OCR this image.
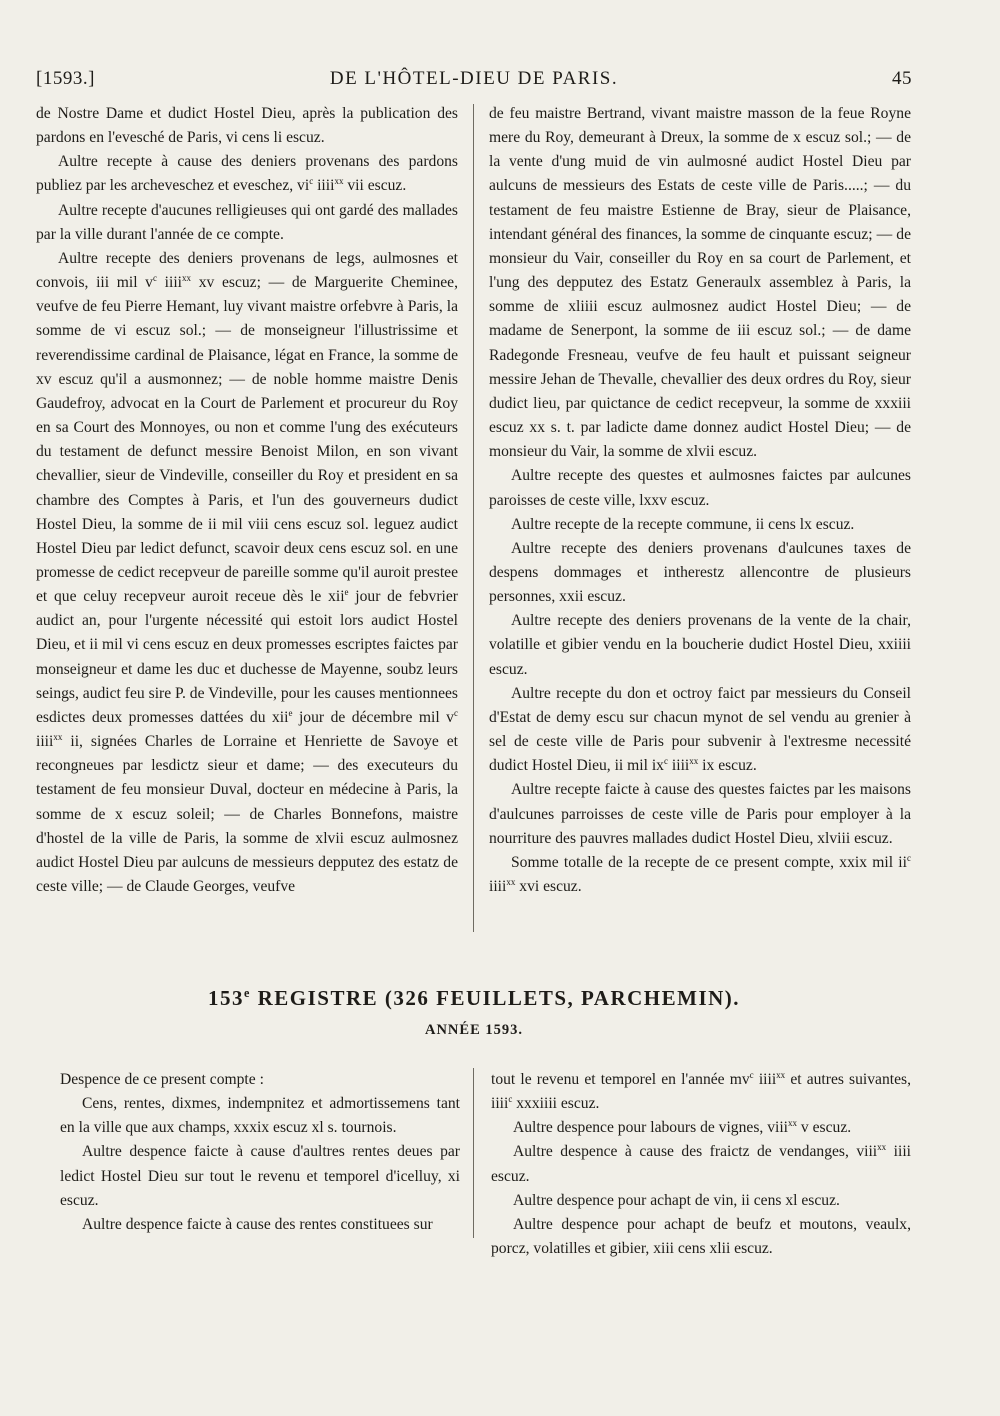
[1593.]	DE L'HÔTEL-DIEU DE PARIS.	45

de Nostre Dame et dudict Hostel Dieu, après la publication des pardons en l'evesché de Paris, vi cens li escuz.

Aultre recepte à cause des deniers provenans des pardons publiez par les archeveschez et eveschez, $vi^c$ iiii$^{xx}$ vii escuz.

Aultre recepte d'aucunes relligieuses qui ont gardé des mallades par la ville durant l'année de ce compte.

Aultre recepte des deniers provenans de legs, aulmosnes et convois, iii mil $v^c$ iiii$^{xx}$ xv escuz; — de Marguerite Cheminee, veufve de feu Pierre Hemant, luy vivant maistre orfebvre à Paris, la somme de vi escuz sol.; — de monseigneur l'illustrissime et reverendissime cardinal de Plaisance, légat en France, la somme de xv escuz qu'il a ausmonnez; — de noble homme maistre Denis Gaudefroy, advocat en la Court de Parlement et procureur du Roy en sa Court des Monnoyes, ou non et comme l'ung des exécuteurs du testament de defunct messire Benoist Milon, en son vivant chevallier, sieur de Vindeville, conseiller du Roy et president en sa chambre des Comptes à Paris, et l'un des gouverneurs dudict Hostel Dieu, la somme de ii mil viii cens escuz sol. leguez audict Hostel Dieu par ledict defunct, scavoir deux cens escuz sol. en une promesse de cedict recepveur de pareille somme qu'il auroit prestee et que celuy recepveur auroit receue dès le xii$^e$ jour de febvrier audict an, pour l'urgente nécessité qui estoit lors audict Hostel Dieu, et ii mil vi cens escuz en deux promesses escriptes faictes par monseigneur et dame les duc et duchesse de Mayenne, soubz leurs seings, audict feu sire P. de Vindeville, pour les causes mentionnees esdictes deux promesses dattées du xii$^e$ jour de décembre mil $v^c$ iiii$^{xx}$ ii, signées Charles de Lorraine et Henriette de Savoye et recongneues par lesdictz sieur et dame; — des executeurs du testament de feu monsieur Duval, docteur en médecine à Paris, la somme de x escuz soleil; — de Charles Bonnefons, maistre d'hostel de la ville de Paris, la somme de xlvii escuz aulmosnez audict Hostel Dieu par aulcuns de messieurs depputez des estatz de ceste ville; — de Claude Georges, veufve

de feu maistre Bertrand, vivant maistre masson de la feue Royne mere du Roy, demeurant à Dreux, la somme de x escuz sol.; — de la vente d'ung muid de vin aulmosné audict Hostel Dieu par aulcuns de messieurs des Estats de ceste ville de Paris.....; — du testament de feu maistre Estienne de Bray, sieur de Plaisance, intendant général des finances, la somme de cinquante escuz; — de monsieur du Vair, conseiller du Roy en sa court de Parlement, et l'ung des depputez des Estatz Generaulx assemblez à Paris, la somme de xliiii escuz aulmosnez audict Hostel Dieu; — de madame de Senerpont, la somme de iii escuz sol.; — de dame Radegonde Fresneau, veufve de feu hault et puissant seigneur messire Jehan de Thevalle, chevallier des deux ordres du Roy, sieur dudict lieu, par quictance de cedict recepveur, la somme de xxxiii escuz xx s. t. par ladicte dame donnez audict Hostel Dieu; — de monsieur du Vair, la somme de xlvii escuz.

Aultre recepte des questes et aulmosnes faictes par aulcunes paroisses de ceste ville, lxxv escuz.

Aultre recepte de la recepte commune, ii cens lx escuz.

Aultre recepte des deniers provenans d'aulcunes taxes de despens dommages et intherestz allencontre de plusieurs personnes, xxii escuz.

Aultre recepte des deniers provenans de la vente de la chair, volatille et gibier vendu en la boucherie dudict Hostel Dieu, xxiiii escuz.

Aultre recepte du don et octroy faict par messieurs du Conseil d'Estat de demy escu sur chacun mynot de sel vendu au grenier à sel de ceste ville de Paris pour subvenir à l'extresme necessité dudict Hostel Dieu, ii mil $ix^c$ iiii$^{xx}$ ix escuz.

Aultre recepte faicte à cause des questes faictes par les maisons d'aulcunes parroisses de ceste ville de Paris pour employer à la nourriture des pauvres mallades dudict Hostel Dieu, xlviii escuz.

Somme totalle de la recepte de ce present compte, xxix mil $ii^c$ iiii$^{xx}$ xvi escuz.

153e REGISTRE (326 FEUILLETS, PARCHEMIN).
ANNÉE 1593.

Despence de ce present compte :

Cens, rentes, dixmes, indempnitez et admortissemens tant en la ville que aux champs, xxxix escuz xl s. tournois.

Aultre despence faicte à cause d'aultres rentes deues par ledict Hostel Dieu sur tout le revenu et temporel d'icelluy, xi escuz.

Aultre despence faicte à cause des rentes constituees sur

tout le revenu et temporel en l'année $mv^c$ iiii$^{xx}$ et autres suivantes, iiii$^c$ xxxiiii escuz.

Aultre despence pour labours de vignes, viii$^{xx}$ v escuz.

Aultre despence à cause des fraictz de vendanges, viii$^{xx}$ iiii escuz.

Aultre despence pour achapt de vin, ii cens xl escuz.

Aultre despence pour achapt de beufz et moutons, veaulx, porcz, volatilles et gibier, xiii cens xlii escuz.
